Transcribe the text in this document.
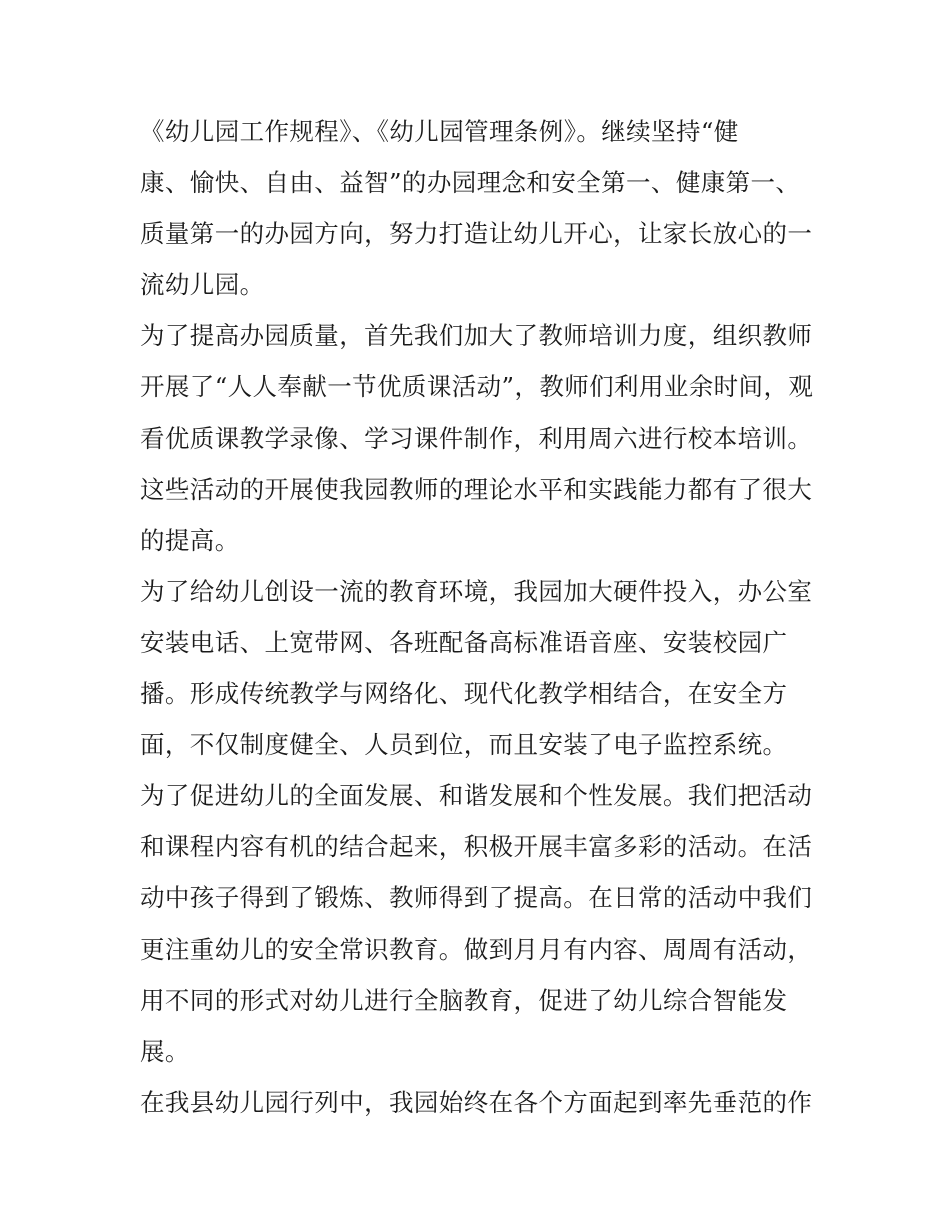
《幼儿园工作规程》、《幼儿园管理条例》。继续坚持“健
康、愉快、自由、益智”的办园理念和安全第一、健康第一、
质量第一的办园方向，努力打造让幼儿开心，让家长放心的一
流幼儿园。

为了提高办园质量，首先我们加大了教师培训力度，组织教师
开展了“人人奉献一节优质课活动”，教师们利用业余时间，观
看优质课教学录像、学习课件制作，利用周六进行校本培训。
这些活动的开展使我园教师的理论水平和实践能力都有了很大
的提高。

为了给幼儿创设一流的教育环境，我园加大硬件投入，办公室
安装电话、上宽带网、各班配备高标准语音座、安装校园广
播。形成传统教学与网络化、现代化教学相结合，在安全方
面，不仅制度健全、人员到位，而且安装了电子监控系统。

为了促进幼儿的全面发展、和谐发展和个性发展。我们把活动
和课程内容有机的结合起来，积极开展丰富多彩的活动。在活
动中孩子得到了锻炼、教师得到了提高。在日常的活动中我们
更注重幼儿的安全常识教育。做到月月有内容、周周有活动，
用不同的形式对幼儿进行全脑教育，促进了幼儿综合智能发
展。

在我县幼儿园行列中，我园始终在各个方面起到率先垂范的作
